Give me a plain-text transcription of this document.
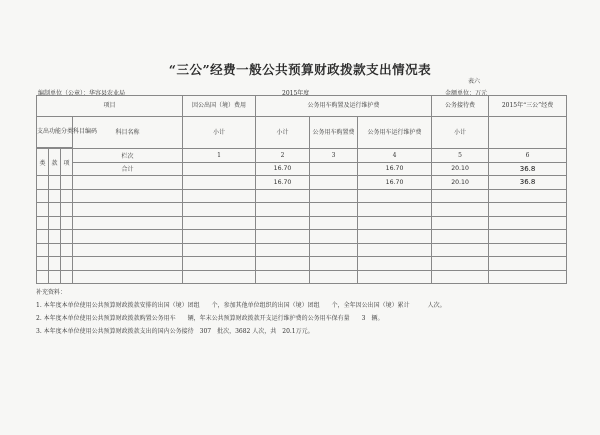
“三公”经费一般公共预算财政拨款支出情况表
表六
编制单位（公章）：华容县农业局	2015年度	金额单位：万元
项目				因公出国（境）费用	公务用车购置及运行维护费			公务接待费	2015年“三公”经费
支出功能分类科目编码			科目名称	小计	小计	公务用车购置费	公务用车运行维护费	小计	

类	款	项	栏次	1	2	3	4	5	6
			合计		16.70		16.70	20.10	36.8
					16.70		16.70	20.10	36.8

补充资料：
1. 本年度本单位使用公共预算财政拨款安排的出国（境）团组　　个，参加其他单位组织的出国（境）团组　　个，全年因公出国（境）累计　　　人次。
2. 本年度本单位使用公共预算财政拨款购置公务用车　　辆，年末公共预算财政拨款开支运行维护费的公务用车保有量　　3　辆。
3. 本年度本单位使用公共预算财政拨款支出的国内公务接待　307　批次，3682 人次，共　20.1万元。
